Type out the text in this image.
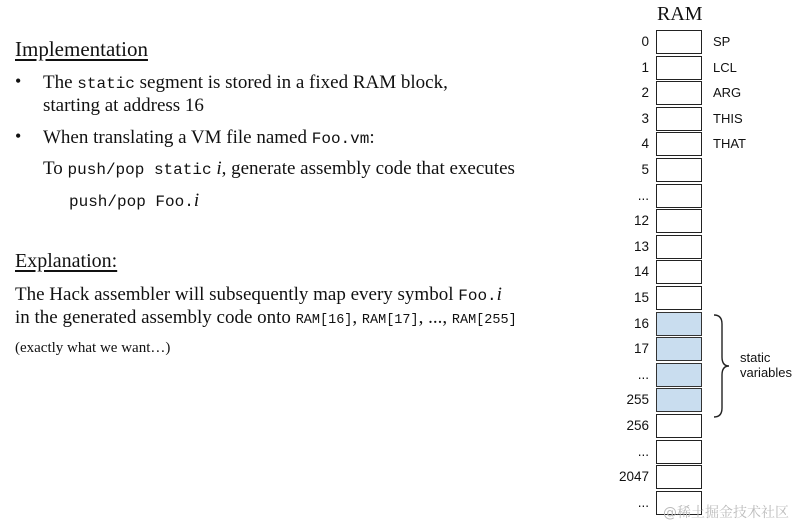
Implementation
• The static segment is stored in a fixed RAM block,
starting at address 16
• When translating a VM file named Foo.vm:
To push/pop static i, generate assembly code that executes
push/pop Foo.i
Explanation:
The Hack assembler will subsequently map every symbol Foo.i
in the generated assembly code onto RAM[16], RAM[17], ..., RAM[255]
(exactly what we want…)
RAM
0	SP
1	LCL
2	ARG
3	THIS
4	THAT
5
...
12
13
14
15
16
17
...
255
256
...
2047
...
static
variables
@稀土掘金技术社区
